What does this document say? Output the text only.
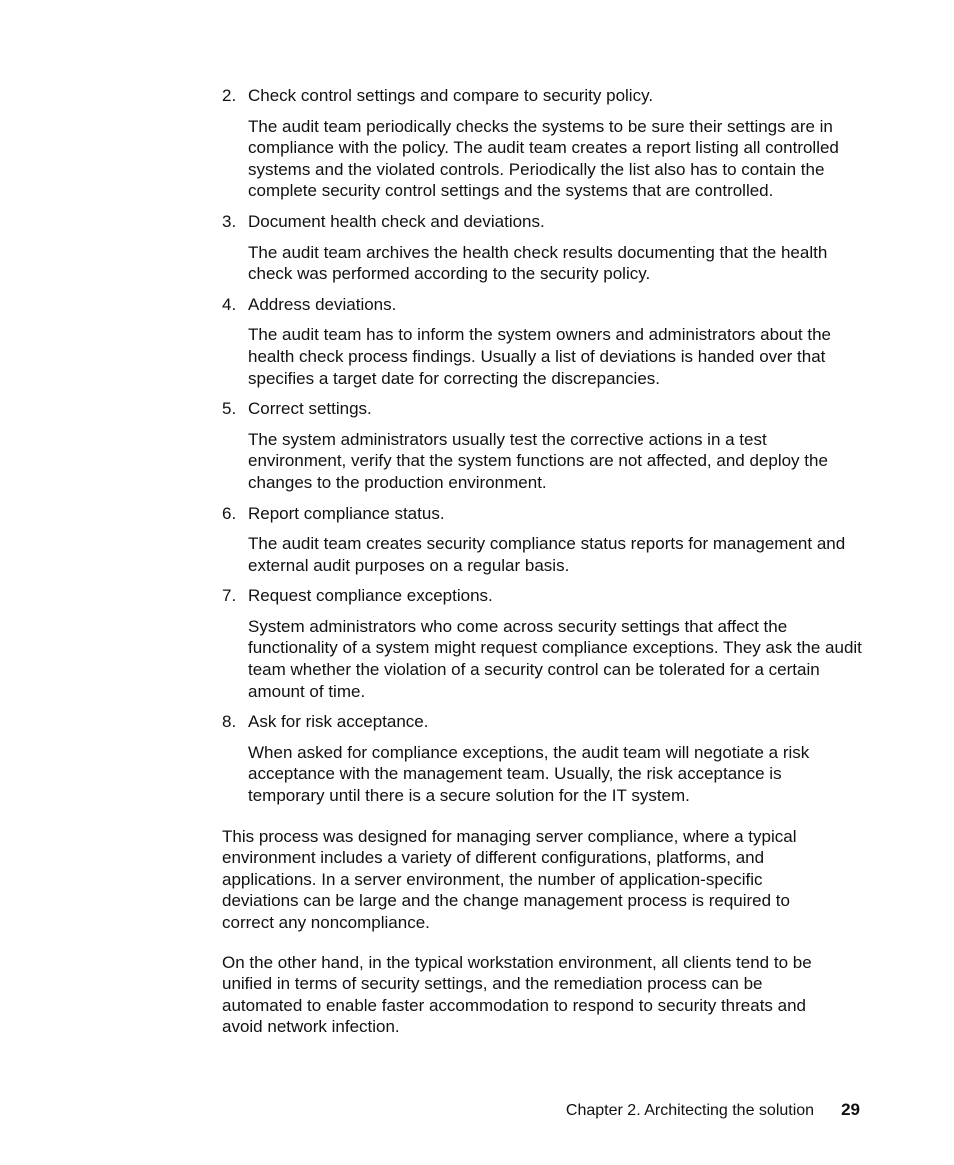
2. Check control settings and compare to security policy.

The audit team periodically checks the systems to be sure their settings are in compliance with the policy. The audit team creates a report listing all controlled systems and the violated controls. Periodically the list also has to contain the complete security control settings and the systems that are controlled.

3. Document health check and deviations.

The audit team archives the health check results documenting that the health check was performed according to the security policy.

4. Address deviations.

The audit team has to inform the system owners and administrators about the health check process findings. Usually a list of deviations is handed over that specifies a target date for correcting the discrepancies.

5. Correct settings.

The system administrators usually test the corrective actions in a test environment, verify that the system functions are not affected, and deploy the changes to the production environment.

6. Report compliance status.

The audit team creates security compliance status reports for management and external audit purposes on a regular basis.

7. Request compliance exceptions.

System administrators who come across security settings that affect the functionality of a system might request compliance exceptions. They ask the audit team whether the violation of a security control can be tolerated for a certain amount of time.

8. Ask for risk acceptance.

When asked for compliance exceptions, the audit team will negotiate a risk acceptance with the management team. Usually, the risk acceptance is temporary until there is a secure solution for the IT system.

This process was designed for managing server compliance, where a typical environment includes a variety of different configurations, platforms, and applications. In a server environment, the number of application-specific deviations can be large and the change management process is required to correct any noncompliance.

On the other hand, in the typical workstation environment, all clients tend to be unified in terms of security settings, and the remediation process can be automated to enable faster accommodation to respond to security threats and avoid network infection.

Chapter 2. Architecting the solution 29
